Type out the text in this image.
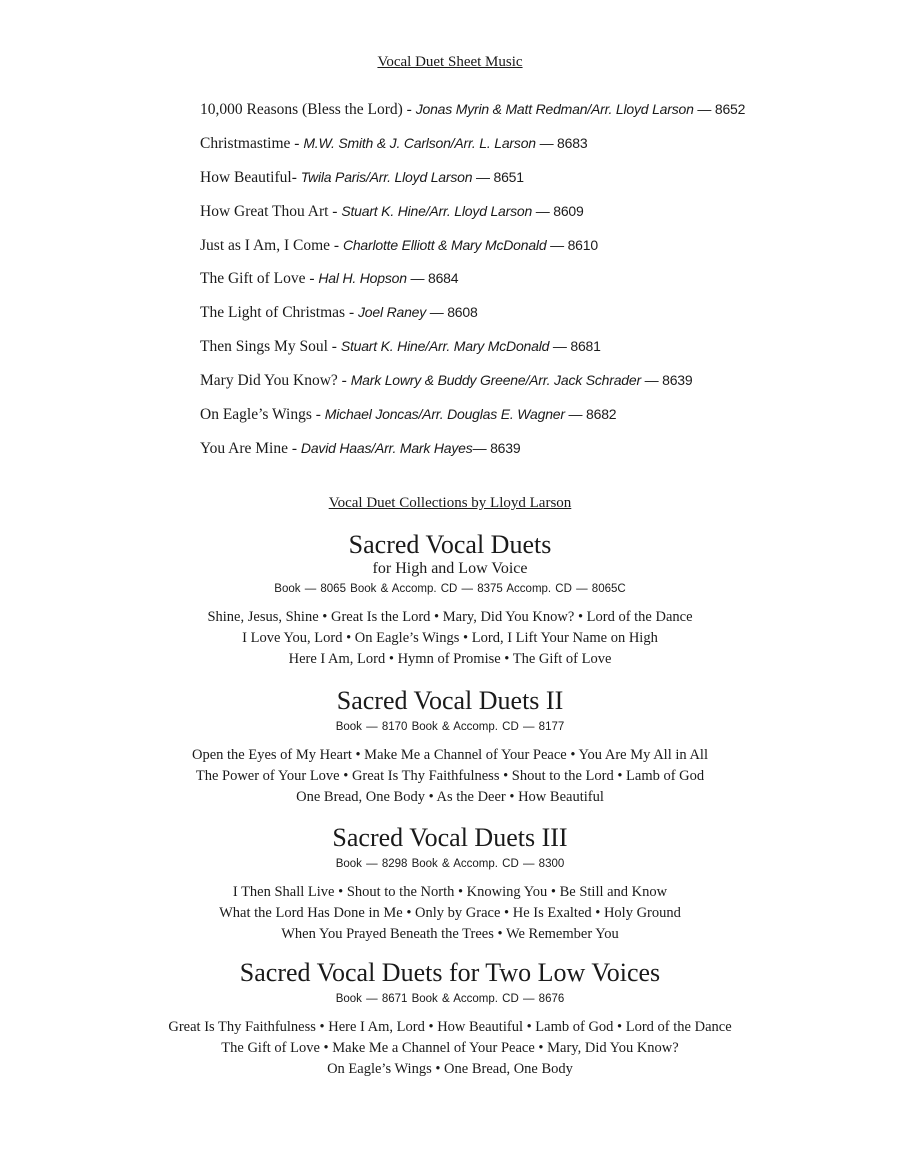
Vocal Duet Sheet Music
10,000 Reasons (Bless the Lord) - Jonas Myrin & Matt Redman/Arr. Lloyd Larson — 8652
Christmastime - M.W. Smith & J. Carlson/Arr. L. Larson — 8683
How Beautiful- Twila Paris/Arr. Lloyd Larson — 8651
How Great Thou Art - Stuart K. Hine/Arr. Lloyd Larson — 8609
Just as I Am, I Come - Charlotte Elliott & Mary McDonald — 8610
The Gift of Love - Hal H. Hopson — 8684
The Light of Christmas - Joel Raney — 8608
Then Sings My Soul - Stuart K. Hine/Arr. Mary McDonald — 8681
Mary Did You Know? - Mark Lowry & Buddy Greene/Arr. Jack Schrader — 8639
On Eagle’s Wings - Michael Joncas/Arr. Douglas E. Wagner — 8682
You Are Mine - David Haas/Arr. Mark Hayes— 8639
Vocal Duet Collections by Lloyd Larson
Sacred Vocal Duets
for High and Low Voice
Book — 8065 Book & Accomp. CD — 8375 Accomp. CD — 8065C
Shine, Jesus, Shine • Great Is the Lord • Mary, Did You Know? • Lord of the Dance
I Love You, Lord • On Eagle’s Wings • Lord, I Lift Your Name on High
Here I Am, Lord • Hymn of Promise • The Gift of Love
Sacred Vocal Duets II
Book — 8170 Book & Accomp. CD — 8177
Open the Eyes of My Heart • Make Me a Channel of Your Peace • You Are My All in All
The Power of Your Love • Great Is Thy Faithfulness • Shout to the Lord • Lamb of God
One Bread, One Body • As the Deer • How Beautiful
Sacred Vocal Duets III
Book — 8298 Book & Accomp. CD — 8300
I Then Shall Live • Shout to the North • Knowing You • Be Still and Know
What the Lord Has Done in Me • Only by Grace • He Is Exalted • Holy Ground
When You Prayed Beneath the Trees • We Remember You
Sacred Vocal Duets for Two Low Voices
Book — 8671 Book & Accomp. CD — 8676
Great Is Thy Faithfulness • Here I Am, Lord • How Beautiful • Lamb of God • Lord of the Dance
The Gift of Love • Make Me a Channel of Your Peace • Mary, Did You Know?
On Eagle’s Wings • One Bread, One Body
